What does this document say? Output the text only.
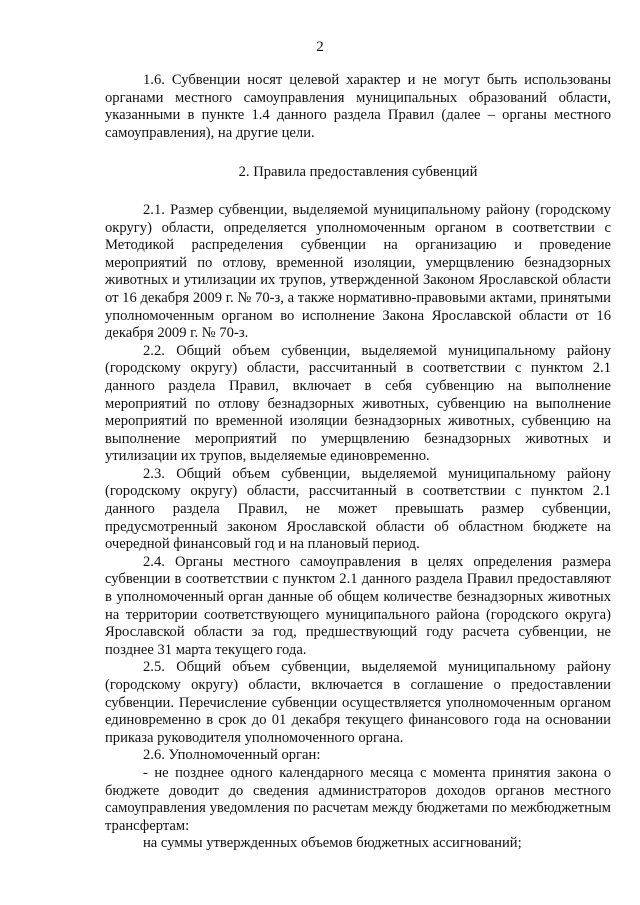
2

1.6. Субвенции носят целевой характер и не могут быть использованы органами местного самоуправления муниципальных образований области, указанными в пункте 1.4 данного раздела Правил (далее – органы местного самоуправления), на другие цели.

2. Правила предоставления субвенций

2.1. Размер субвенции, выделяемой муниципальному району (городскому округу) области, определяется уполномоченным органом в соответствии с Методикой распределения субвенции на организацию и проведение мероприятий по отлову, временной изоляции, умерщвлению безнадзорных животных и утилизации их трупов, утвержденной Законом Ярославской области от 16 декабря 2009 г. № 70-з, а также нормативно-правовыми актами, принятыми уполномоченным органом во исполнение Закона Ярославской области от 16 декабря 2009 г. № 70-з.

2.2. Общий объем субвенции, выделяемой муниципальному району (городскому округу) области, рассчитанный в соответствии с пунктом 2.1 данного раздела Правил, включает в себя субвенцию на выполнение мероприятий по отлову безнадзорных животных, субвенцию на выполнение мероприятий по временной изоляции безнадзорных животных, субвенцию на выполнение мероприятий по умерщвлению безнадзорных животных и утилизации их трупов, выделяемые единовременно.

2.3. Общий объем субвенции, выделяемой муниципальному району (городскому округу) области, рассчитанный в соответствии с пунктом 2.1 данного раздела Правил, не может превышать размер субвенции, предусмотренный законом Ярославской области об областном бюджете на очередной финансовый год и на плановый период.

2.4. Органы местного самоуправления в целях определения размера субвенции в соответствии с пунктом 2.1 данного раздела Правил предоставляют в уполномоченный орган данные об общем количестве безнадзорных животных на территории соответствующего муниципального района (городского округа) Ярославской области за год, предшествующий году расчета субвенции, не позднее 31 марта текущего года.

2.5. Общий объем субвенции, выделяемой муниципальному району (городскому округу) области, включается в соглашение о предоставлении субвенции. Перечисление субвенции осуществляется уполномоченным органом единовременно в срок до 01 декабря текущего финансового года на основании приказа руководителя уполномоченного органа.

2.6. Уполномоченный орган:

- не позднее одного календарного месяца с момента принятия закона о бюджете доводит до сведения администраторов доходов органов местного самоуправления уведомления по расчетам между бюджетами по межбюджетным трансфертам:

на суммы утвержденных объемов бюджетных ассигнований;
